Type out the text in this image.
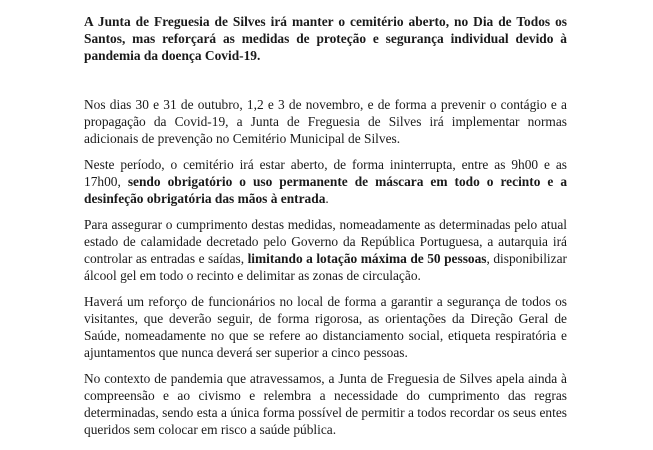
A Junta de Freguesia de Silves irá manter o cemitério aberto, no Dia de Todos os Santos, mas reforçará as medidas de proteção e segurança individual devido à pandemia da doença Covid-19.

Nos dias 30 e 31 de outubro, 1,2 e 3 de novembro, e de forma a prevenir o contágio e a propagação da Covid-19, a Junta de Freguesia de Silves irá implementar normas adicionais de prevenção no Cemitério Municipal de Silves.

Neste período, o cemitério irá estar aberto, de forma ininterrupta, entre as 9h00 e as 17h00, sendo obrigatório o uso permanente de máscara em todo o recinto e a desinfeção obrigatória das mãos à entrada.

Para assegurar o cumprimento destas medidas, nomeadamente as determinadas pelo atual estado de calamidade decretado pelo Governo da República Portuguesa, a autarquia irá controlar as entradas e saídas, limitando a lotação máxima de 50 pessoas, disponibilizar álcool gel em todo o recinto e delimitar as zonas de circulação.

Haverá um reforço de funcionários no local de forma a garantir a segurança de todos os visitantes, que deverão seguir, de forma rigorosa, as orientações da Direção Geral de Saúde, nomeadamente no que se refere ao distanciamento social, etiqueta respiratória e ajuntamentos que nunca deverá ser superior a cinco pessoas.

No contexto de pandemia que atravessamos, a Junta de Freguesia de Silves apela ainda à compreensão e ao civismo e relembra a necessidade do cumprimento das regras determinadas, sendo esta a única forma possível de permitir a todos recordar os seus entes queridos sem colocar em risco a saúde pública.
